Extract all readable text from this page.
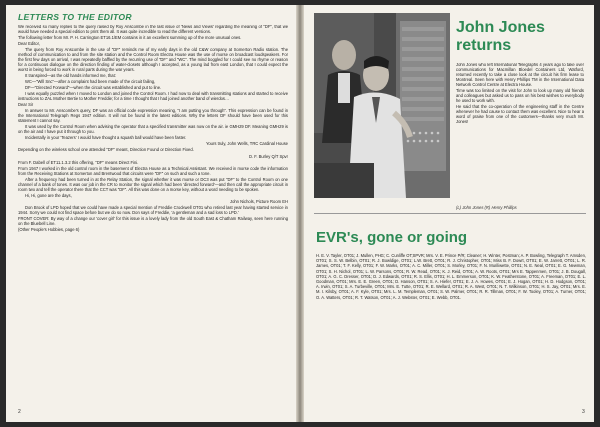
LETTERS TO THE EDITOR

We received so many replies to the query raised by Roy Anscombe in the last issue of 'News and Views' regarding the meaning of "DF", that we would have needed a special edition to print them all. It was quite incredible to read the different versions.

The following letter from Mr. P. H. Carrington ET16.1/EM contains in it an excellent summing up of the more unusual ones.

Dear Editor,

The query from Roy Anscombe in the use of "DF" reminds me of my early days in the old C&W company at Somerton Radio station. The method of communication to and from the site station and the Control Room Electra House was the use of morse on broadcast loudspeakers. For the first few days on arrival, I was repeatedly baffled by the recurring use of "DF" and "WC". The mind boggled for I could see no rhyme or reason for a continuous dialogue on the direction finding of water-closets although I accepted, as a young lad from east London, that I could expect the worst in being forced to work in rural parts during the war years.

It transpired—as the old hands informed me, that:

WC—"Will Snc"—after a complaint had been made of the circuit failing,

DF—"Directed Forward"—when the circuit was established and put to line.

I was equally puzzled when I moved to London and joined the Control Room. I had now to deal with transmitting stations and started to receive instructions to ZAL Mother Bertie to Mother Freddie; for a time I thought that I had joined another band of wierdos…

Dear Sir

In answer to Mr. Anscombe's query, DF was an official code expression meaning, "I am putting you through". This expression can be found in the International Telegraph Regs 1947 edition. It will not be found in the latest editions. Why the letters DF should have been used for this statement I cannot say.

It was used by the Control Room when advising the operator that a specified transmitter was now on the air. ie GMH29 DF. Meaning GMH29 is on the air and I have put it through to you.

Incidentally in your 'Teazers' I would have thought a squash ball would have been faster.

Yours truly, John Wells, TRC Cardinal House

Depending on the wireless school one attended "DF" meant, Direction Found or Direction Fixed.

D. F. Burley Q/T Spvr

From F. Dabell of ET11.1.3.2 this offering, "DF" means Direct Fini.

From 1947 I worked in the old control room in the basement of Electra House as a Technical Assistant. We received in morse code the information from the Receiving Stations at Somerton and Brentwood that circuits were "DF" on such and such a tone.

After a frequency had been turned in at the Relay Station, the signal whether it was morse or DC3 was put "DF" to the Control Room on one channel of a bank of tones. It was our job in the CR to monitor the signal which had been 'directed forward'—and then call the appropriate circuit in room two and tell the operator there that the CCT was "DF". All this was done on a morse key, without a word needing to be spoken.

Hi, Hi, gone are the days,

John Nichols, Picture Room EH

Don Brook of LPD hoped that we could have made a special mention of Freddie Crockwell OT01 who retired last year having started service in 1944. Sorry we could not find space before but we do so now. Don says of Freddie, 'a gentleman and a sad loss to LPD.'

FRONT COVER: By way of a change our 'cover girl' for this issue is a lovely lady from the old South East & Chatham Railway, seen here running on the Bluebell Line.

(Other People's Hobbies, page 6)

2
John Jones returns

John Jones who left International Telegraphs 4 years ago to take over communications for Macmillan Bloedel Containers Ltd, Watford, returned recently to take a close look at the circuit his firm lease to Montreal. Seen here with Henry Phillips TM in the International Data Network Control Centre at Electra House.

Time was too limited on the visit for John to look up many old friends and colleagues but asked us to pass on his best wishes to everybody he used to work with.

He said that the co-operation of the engineering staff in the Centre whenever he had cause to contact them was excellent. Nice to hear a word of praise from one of the customers—thanks very much Mr. Jones!

(L) John Jones (R) Henry Phillips
EVR's, gone or going
H. E. V. Tayler, OT01; J. Mullen, PHG; C. Cunliffe OT;SPVR; Mrs. V. E. Prince P/R; Cleaner; H. Winter, Postman; A. P. Bowling, Telegraph T. Amsden, OT01; S. S. W. Belbin, OT01; R. J. Bowldige, OT01; L.W. Brett, OT01; R. J. Christopher, OT01; Miss B. F. Dowrt, OT01; E. W. Jarrett, OT01; L. R. James, OT01; T. F. Kelly, OT01; F. W. Marks, OT01; A. C. Miller, OT01; S. Morley, OT01; F. N. Muriliwette, OT01; N. E. Neal, OT01; E. G. Newman, OT01; S. H. Nichol, OT01; L. W. Parsons, OT01; R. W. Read, OT01; K. J. Reid, OT01; A. W. Roots, OT01; Mrs E. Tappenmen, OT01; J. B. Dougall, OT01; A. G. C. Dresser, OT01; D. J. Edwards, OT01; R. S. Ellis, OT01; H. L. Emmerson, OT01; K. W. Featherstone, OT01; A. Freeman, OT01; E. L. Goodman, OT01; Mrs. E. E. Green, OT01; D. Hanson, OT01; S. A. Hiefer, OT01; E. J. A. Howes, OT01; E. J. Hogan, OT01; H. D. Hodgson, OT01; A. Irwin, OT01; S. A. Turbeville, OT01; Mrs. E. Tutte, OT01; R. E. Wellard, OT01; R. A. West, OT01; N. T. Wilkinson, OT01; H. S. Jay, OT01; Mrs. E. M. I. Kilsby, OT01; A. F. Kyle, OT01; Mrs. L. M. Templeman, OT01; S. W. Palmer, OT01; R. R. Tillman, OT01; F. W. Tooley, OT01; A. Turner, OT01; O. A. Watters, OT01; R. T. Watson, OT01; A. J. Webster, OT01; E. Webb, OT01.
3
